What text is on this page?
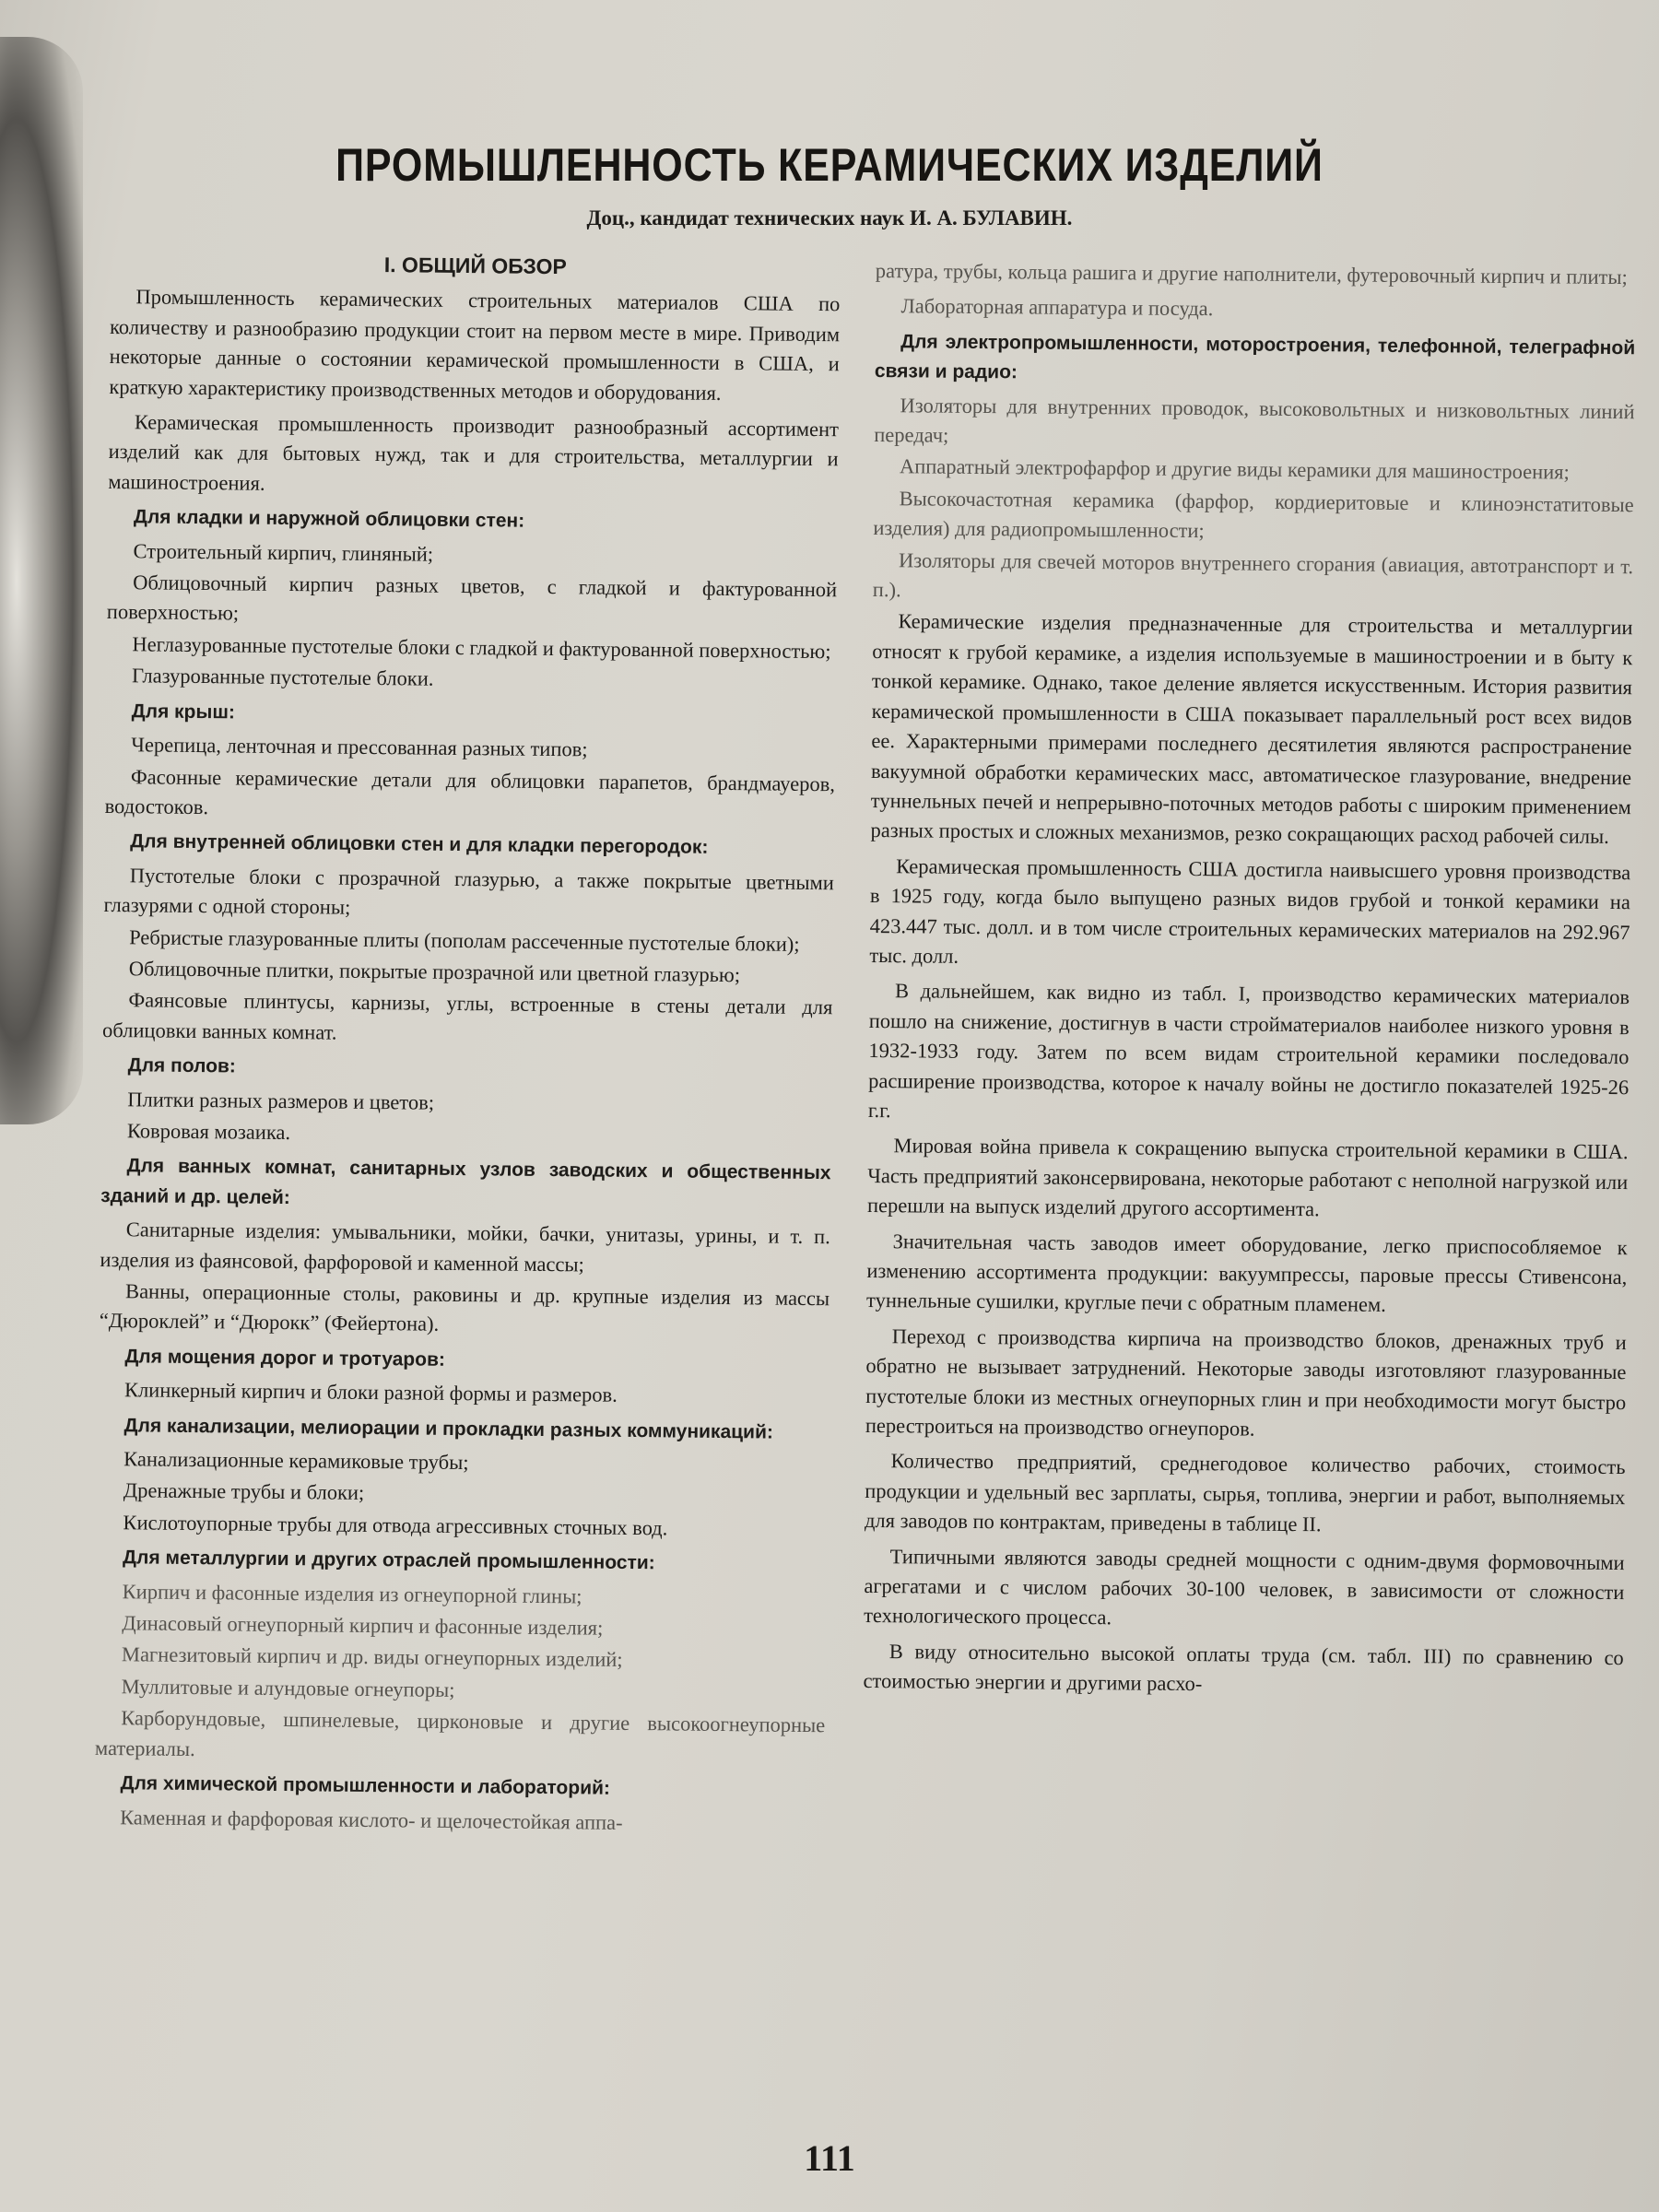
ПРОМЫШЛЕННОСТЬ КЕРАМИЧЕСКИХ ИЗДЕЛИЙ
Доц., кандидат технических наук И. А. БУЛАВИН.
I. ОБЩИЙ ОБЗОР

Промышленность керамических строительных материалов США по количеству и разнообразию продукции стоит на первом месте в мире. Приводим некоторые данные о состоянии керамической промышленности в США, и краткую характеристику производственных методов и оборудования.

Керамическая промышленность производит разнообразный ассортимент изделий как для бытовых нужд, так и для строительства, металлургии и машиностроения.

Для кладки и наружной облицовки стен:
Строительный кирпич, глиняный;
Облицовочный кирпич разных цветов, с гладкой и фактурованной поверхностью;
Неглазурованные пустотелые блоки с гладкой и фактурованной поверхностью;
Глазурованные пустотелые блоки.
Для крыш:
Черепица, ленточная и прессованная разных типов;
Фасонные керамические детали для облицовки парапетов, брандмауеров, водостоков.
Для внутренней облицовки стен и для кладки перегородок:
Пустотелые блоки с прозрачной глазурью, а также покрытые цветными глазурями с одной стороны;
Ребристые глазурованные плиты (пополам рассеченные пустотелые блоки);
Облицовочные плитки, покрытые прозрачной или цветной глазурью;
Фаянсовые плинтусы, карнизы, углы, встроенные в стены детали для облицовки ванных комнат.
Для полов:
Плитки разных размеров и цветов;
Ковровая мозаика.
Для ванных комнат, санитарных узлов заводских и общественных зданий и др. целей:
Санитарные изделия: умывальники, мойки, бачки, унитазы, урины, и т. п. изделия из фаянсовой, фарфоровой и каменной массы;
Ванны, операционные столы, раковины и др. крупные изделия из массы “Дюроклей” и “Дюрокк” (Фейертона).
Для мощения дорог и тротуаров:
Клинкерный кирпич и блоки разной формы и размеров.
Для канализации, мелиорации и прокладки разных коммуникаций:
Канализационные керамиковые трубы;
Дренажные трубы и блоки;
Кислотоупорные трубы для отвода агрессивных сточных вод.
Для металлургии и других отраслей промышленности:
Кирпич и фасонные изделия из огнеупорной глины;
Динасовый огнеупорный кирпич и фасонные изделия;
Магнезитовый кирпич и др. виды огнеупорных изделий;
Муллитовые и алундовые огнеупоры;
Карборундовые, шпинелевые, цирконовые и другие высокоогнеупорные материалы.
Для химической промышленности и лабораторий:
Каменная и фарфоровая кислото- и щелочестойкая аппа-

ратура, трубы, кольца рашига и другие наполнители, футеровочный кирпич и плиты;

Лабораторная аппаратура и посуда.
Для электропромышленности, моторостроения, телефонной, телеграфной связи и радио:
Изоляторы для внутренних проводок, высоковольтных и низковольтных линий передач;
Аппаратный электрофарфор и другие виды керамики для машиностроения;
Высокочастотная керамика (фарфор, кордиеритовые и клиноэнстатитовые изделия) для радиопромышленности;
Изоляторы для свечей моторов внутреннего сгорания (авиация, автотранспорт и т. п.).

Керамические изделия предназначенные для строительства и металлургии относят к грубой керамике, а изделия используемые в машиностроении и в быту к тонкой керамике. Однако, такое деление является искусственным. История развития керамической промышленности в США показывает параллельный рост всех видов ее. Характерными примерами последнего десятилетия являются распространение вакуумной обработки керамических масс, автоматическое глазурование, внедрение туннельных печей и непрерывно-поточных методов работы с широким применением разных простых и сложных механизмов, резко сокращающих расход рабочей силы.

Керамическая промышленность США достигла наивысшего уровня производства в 1925 году, когда было выпущено разных видов грубой и тонкой керамики на 423.447 тыс. долл. и в том числе строительных керамических материалов на 292.967 тыс. долл.

В дальнейшем, как видно из табл. I, производство керамических материалов пошло на снижение, достигнув в части стройматериалов наиболее низкого уровня в 1932-1933 году. Затем по всем видам строительной керамики последовало расширение производства, которое к началу войны не достигло показателей 1925-26 г.г.

Мировая война привела к сокращению выпуска строительной керамики в США. Часть предприятий законсервирована, некоторые работают с неполной нагрузкой или перешли на выпуск изделий другого ассортимента.

Значительная часть заводов имеет оборудование, легко приспособляемое к изменению ассортимента продукции: вакуумпрессы, паровые прессы Стивенсона, туннельные сушилки, круглые печи с обратным пламенем.

Переход с производства кирпича на производство блоков, дренажных труб и обратно не вызывает затруднений. Некоторые заводы изготовляют глазурованные пустотелые блоки из местных огнеупорных глин и при необходимости могут быстро перестроиться на производство огнеупоров.

Количество предприятий, среднегодовое количество рабочих, стоимость продукции и удельный вес зарплаты, сырья, топлива, энергии и работ, выполняемых для заводов по контрактам, приведены в таблице II.

Типичными являются заводы средней мощности с одним-двумя формовочными агрегатами и с числом рабочих 30-100 человек, в зависимости от сложности технологического процесса.

В виду относительно высокой оплаты труда (см. табл. III) по сравнению со стоимостью энергии и другими расхо-

111
